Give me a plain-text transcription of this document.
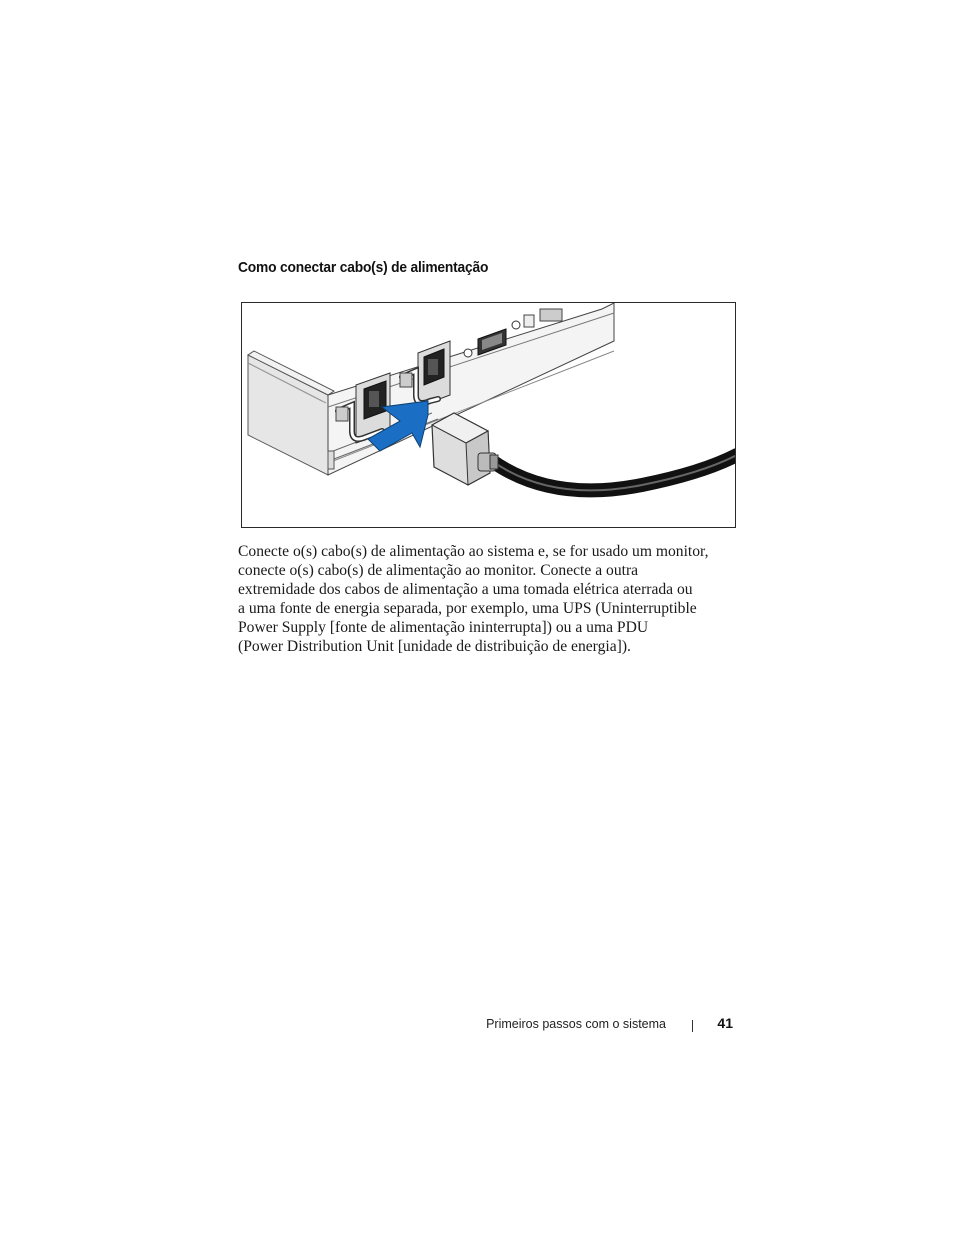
Como conectar cabo(s) de alimentação

Conecte o(s) cabo(s) de alimentação ao sistema e, se for usado um monitor,
conecte o(s) cabo(s) de alimentação ao monitor. Conecte a outra
extremidade dos cabos de alimentação a uma tomada elétrica aterrada ou
a uma fonte de energia separada, por exemplo, uma UPS (Uninterruptible
Power Supply [fonte de alimentação ininterrupta]) ou a uma PDU
(Power Distribution Unit [unidade de distribuição de energia]).

Primeiros passos com o sistema	41
